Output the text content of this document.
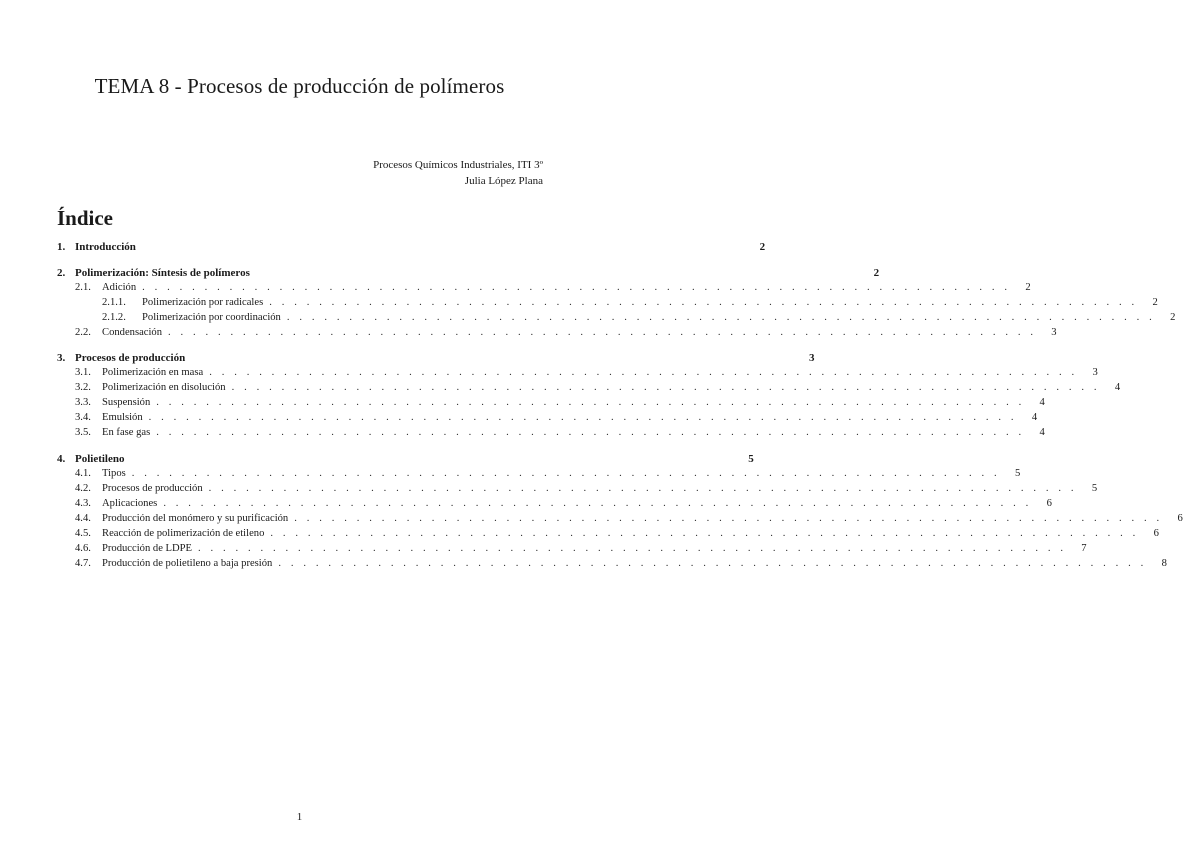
TEMA 8 - Procesos de producción de polímeros
Procesos Químicos Industriales, ITI 3º
Julia López Plana
Índice
1. Introducción	2
2. Polimerización: Síntesis de polímeros	2
2.1.	Adición . . . . . . . . . . . . . . . . . . . . . . . . . . . . . . . . . . . . . . . . . . . . . . . . . . . . . . . . . . . . . . . . . . . . . .	2
2.1.1.	Polimerización por radicales . . . . . . . . . . . . . . . . . . . . . . . . . . . . . . . . . . . . . . . . . . . . . . . . . . . . . . . . . . . . . . . . . . . . . .	2
2.1.2.	Polimerización por coordinación . . . . . . . . . . . . . . . . . . . . . . . . . . . . . . . . . . . . . . . . . . . . . . . . . . . . . . . . . . . . . . . . . . . . . .	2
2.2.	Condensación . . . . . . . . . . . . . . . . . . . . . . . . . . . . . . . . . . . . . . . . . . . . . . . . . . . . . . . . . . . . . . . . . . . . . .	3
3. Procesos de producción	3
3.1.	Polimerización en masa . . . . . . . . . . . . . . . . . . . . . . . . . . . . . . . . . . . . . . . . . . . . . . . . . . . . . . . . . . . . . . . . . . . . . .	3
3.2.	Polimerización en disolución . . . . . . . . . . . . . . . . . . . . . . . . . . . . . . . . . . . . . . . . . . . . . . . . . . . . . . . . . . . . . . . . . . . . . .	4
3.3.	Suspensión . . . . . . . . . . . . . . . . . . . . . . . . . . . . . . . . . . . . . . . . . . . . . . . . . . . . . . . . . . . . . . . . . . . . . .	4
3.4.	Emulsión . . . . . . . . . . . . . . . . . . . . . . . . . . . . . . . . . . . . . . . . . . . . . . . . . . . . . . . . . . . . . . . . . . . . . .	4
3.5.	En fase gas . . . . . . . . . . . . . . . . . . . . . . . . . . . . . . . . . . . . . . . . . . . . . . . . . . . . . . . . . . . . . . . . . . . . . .	4
4. Polietileno	5
4.1.	Tipos . . . . . . . . . . . . . . . . . . . . . . . . . . . . . . . . . . . . . . . . . . . . . . . . . . . . . . . . . . . . . . . . . . . . . .	5
4.2.	Procesos de producción . . . . . . . . . . . . . . . . . . . . . . . . . . . . . . . . . . . . . . . . . . . . . . . . . . . . . . . . . . . . . . . . . . . . . .	5
4.3.	Aplicaciones . . . . . . . . . . . . . . . . . . . . . . . . . . . . . . . . . . . . . . . . . . . . . . . . . . . . . . . . . . . . . . . . . . . . . .	6
4.4.	Producción del monómero y su purificación . . . . . . . . . . . . . . . . . . . . . . . . . . . . . . . . . . . . . . . . . . . . . . . . . . . . . . . . . . . . . . . . . . . . . .	6
4.5.	Reacción de polimerización de etileno . . . . . . . . . . . . . . . . . . . . . . . . . . . . . . . . . . . . . . . . . . . . . . . . . . . . . . . . . . . . . . . . . . . . . .	6
4.6.	Producción de LDPE . . . . . . . . . . . . . . . . . . . . . . . . . . . . . . . . . . . . . . . . . . . . . . . . . . . . . . . . . . . . . . . . . . . . . .	7
4.7.	Producción de polietileno a baja presión . . . . . . . . . . . . . . . . . . . . . . . . . . . . . . . . . . . . . . . . . . . . . . . . . . . . . . . . . . . . . . . . . . . . . .	8
1
